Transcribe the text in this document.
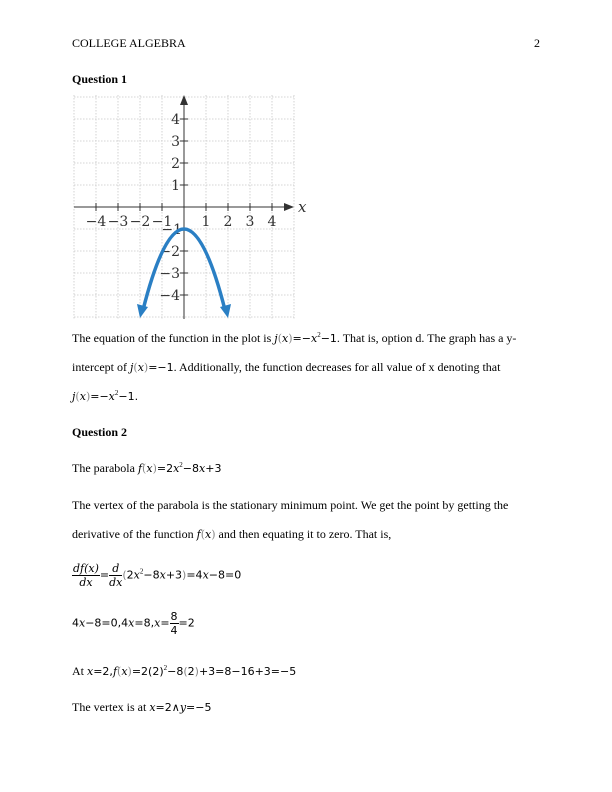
COLLEGE ALGEBRA	2
Question 1
x
−4 −3 −2 −1 1 2 3 4
4
3
2
1
−1
−2
−3
−4
The equation of the function in the plot is $j(x)=-x^2-1$. That is, option d. The graph has a y-
intercept of j(x)=−1. Additionally, the function decreases for all value of x denoting that
$j(x)=-x^2-1$.
Question 2
The parabola $f(x)=2x^2-8x+3$
The vertex of the parabola is the stationary minimum point. We get the point by getting the
derivative of the function f(x) and then equating it to zero. That is,
$\frac{df(x)}{dx} = \frac{d}{dx} (2x^2-8x+3)=4x-8=0$
$4x-8=0,4x=8,x= \frac{8}{4} =2$
At $x=2,f(x)=2(2)^2-8(2)+3=8-16+3=-5$
The vertex is at x=2∧y=−5
